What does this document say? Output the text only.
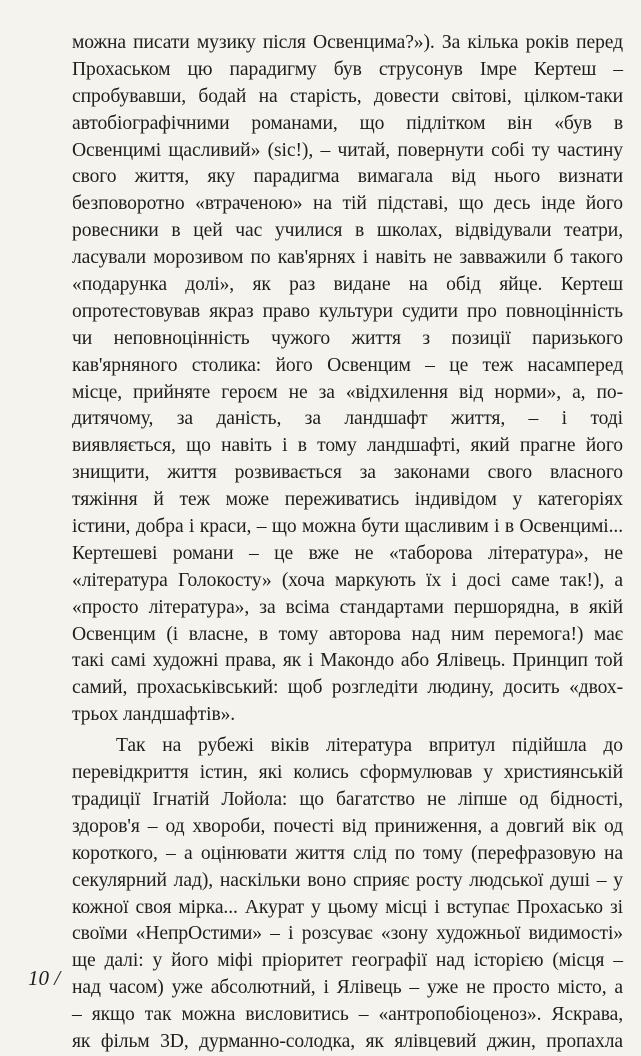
можна писати музику після Освенцима?»). За кілька років перед
Прохаськом цю парадигму був струсонув Імре Кертеш –
спробувавши, бодай на старість, довести світові, цілком-таки
автобіографічними романами, що підлітком він «був в
Освенцимі щасливий» (sic!), – читай, повернути собі ту частину
свого життя, яку парадигма вимагала від нього визнати
безповоротно «втраченою» на тій підставі, що десь інде його
ровесники в цей час училися в школах, відвідували театри,
ласували морозивом по кав'ярнях і навіть не завважили б такого
«подарунка долі», як раз видане на обід яйце. Кертеш
опротестовував якраз право культури судити про повноцінність
чи неповноцінність чужого життя з позиції паризького
кав'ярняного столика: його Освенцим – це теж насамперед
місце, прийняте героєм не за «відхилення від норми», а, по-
дитячому, за даність, за ландшафт життя, – і тоді
виявляється, що навіть і в тому ландшафті, який прагне його
знищити, життя розвивається за законами свого власного
тяжіння й теж може переживатись індивідом у категоріях
істини, добра і краси, – що можна бути щасливим і в Освенцимі...
Кертешеві романи – це вже не «таборова література», не
«література Голокосту» (хоча маркують їх і досі саме так!), а
«просто література», за всіма стандартами першорядна, в якій
Освенцим (і власне, в тому авторова над ним перемога!) має
такі самі художні права, як і Макондо або Ялівець. Принцип той
самий, прохаськівський: щоб розгледіти людину, досить «двох-
трьох ландшафтів».
Так на рубежі віків література впритул підійшла до
перевідкриття істин, які колись сформулював у християнській
традиції Ігнатій Лойола: що багатство не ліпше од бідності,
здоров'я – од хвороби, почесті від приниження, а довгий вік од
короткого, – а оцінювати життя слід по тому (перефразовую на
секулярний лад), наскільки воно сприяє росту людської душі – у
кожної своя мірка... Акурат у цьому місці і вступає Прохасько зі
своїми «НепрОстими» – і розсуває «зону художньої видимості»
ще далі: у його міфі пріоритет географії над історією (місця –
над часом) уже абсолютний, і Ялівець – уже не просто місто, а
– якщо так можна висловитись – «антропобіоценоз». Яскрава,
як фільм 3D, дурманно-солодка, як ялівцевий джин, пропахла
10 /
